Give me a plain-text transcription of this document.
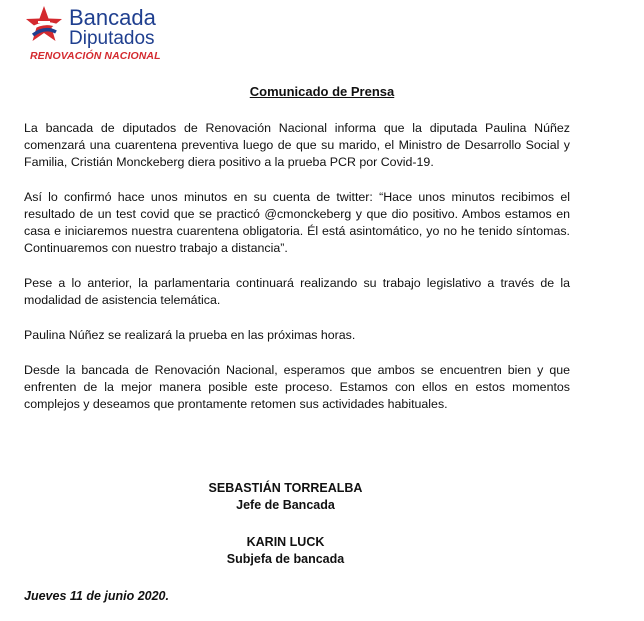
Bancada
Diputados
RENOVACIÓN NACIONAL
Comunicado de Prensa

La bancada de diputados de Renovación Nacional informa que la diputada Paulina Núñez comenzará una cuarentena preventiva luego de que su marido, el Ministro de Desarrollo Social y Familia, Cristián Monckeberg diera positivo a la prueba PCR por Covid-19.

Así lo confirmó hace unos minutos en su cuenta de twitter: “Hace unos minutos recibimos el resultado de un test covid que se practicó @cmonckeberg y que dio positivo. Ambos estamos en casa e iniciaremos nuestra cuarentena obligatoria. Él está asintomático, yo no he tenido síntomas. Continuaremos con nuestro trabajo a distancia”.

Pese a lo anterior, la parlamentaria continuará realizando su trabajo legislativo a través de la modalidad de asistencia telemática.

Paulina Núñez se realizará la prueba en las próximas horas.

Desde la bancada de Renovación Nacional, esperamos que ambos se encuentren bien y que enfrenten de la mejor manera posible este proceso. Estamos con ellos en estos momentos complejos y deseamos que prontamente retomen sus actividades habituales.

SEBASTIÁN TORREALBA
Jefe de Bancada
KARIN LUCK
Subjefa de bancada
Jueves 11 de junio 2020.
